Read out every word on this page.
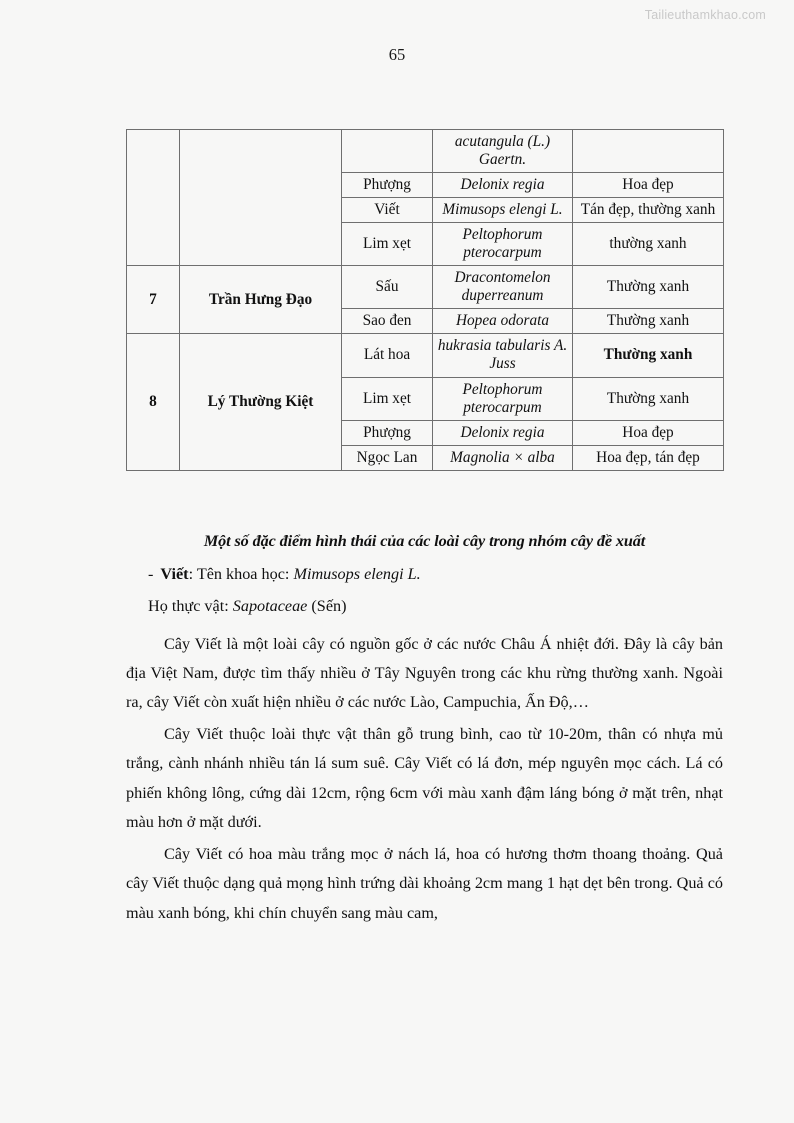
Tailieuthamkhao.com
65
			acutangula (L.) Gaertn.	
		Phượng	Delonix regia	Hoa đẹp
		Viết	Mimusops elengi L.	Tán đẹp, thường xanh
		Lim xẹt	Peltophorum pterocarpum	thường xanh
7	Trần Hưng Đạo	Sấu	Dracontomelon duperreanum	Thường xanh
		Sao đen	Hopea odorata	Thường xanh
8	Lý Thường Kiệt	Lát hoa	hukrasia tabularis A. Juss	Thường xanh
		Lim xẹt	Peltophorum pterocarpum	Thường xanh
		Phượng	Delonix regia	Hoa đẹp
		Ngọc Lan	Magnolia × alba	Hoa đẹp, tán đẹp
Một số đặc điểm hình thái của các loài cây trong nhóm cây đề xuất
- Viết: Tên khoa học: Mimusops elengi L.
Họ thực vật: Sapotaceae (Sến)

Cây Viết là một loài cây có nguồn gốc ở các nước Châu Á nhiệt đới. Đây là cây bản địa Việt Nam, được tìm thấy nhiều ở Tây Nguyên trong các khu rừng thường xanh. Ngoài ra, cây Viết còn xuất hiện nhiều ở các nước Lào, Campuchia, Ấn Độ,…

Cây Viết thuộc loài thực vật thân gỗ trung bình, cao từ 10-20m, thân có nhựa mủ trắng, cành nhánh nhiều tán lá sum suê. Cây Viết có lá đơn, mép nguyên mọc cách. Lá có phiến không lông, cứng dài 12cm, rộng 6cm với màu xanh đậm láng bóng ở mặt trên, nhạt màu hơn ở mặt dưới.

Cây Viết có hoa màu trắng mọc ở nách lá, hoa có hương thơm thoang thoảng. Quả cây Viết thuộc dạng quả mọng hình trứng dài khoảng 2cm mang 1 hạt dẹt bên trong. Quả có màu xanh bóng, khi chín chuyển sang màu cam,
